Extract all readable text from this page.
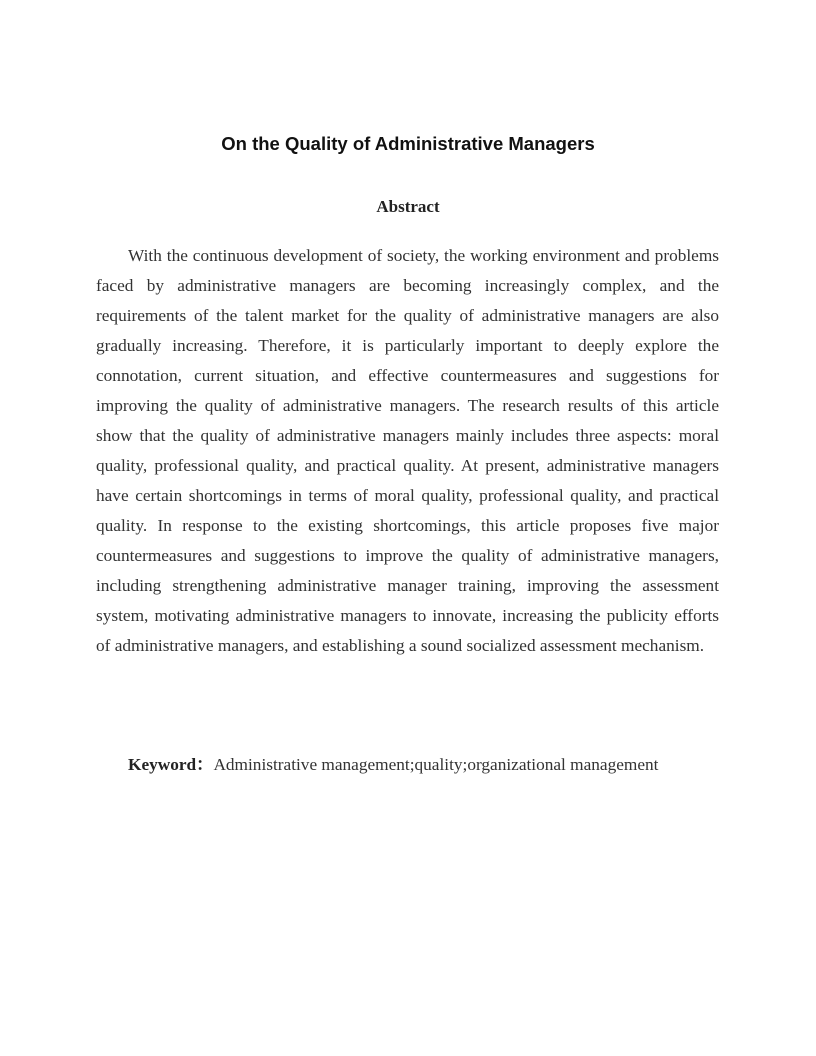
On the Quality of Administrative Managers
Abstract

With the continuous development of society, the working environment and problems faced by administrative managers are becoming increasingly complex, and the requirements of the talent market for the quality of administrative managers are also gradually increasing. Therefore, it is particularly important to deeply explore the connotation, current situation, and effective countermeasures and suggestions for improving the quality of administrative managers. The research results of this article show that the quality of administrative managers mainly includes three aspects: moral quality, professional quality, and practical quality. At present, administrative managers have certain shortcomings in terms of moral quality, professional quality, and practical quality. In response to the existing shortcomings, this article proposes five major countermeasures and suggestions to improve the quality of administrative managers, including strengthening administrative manager training, improving the assessment system, motivating administrative managers to innovate, increasing the publicity efforts of administrative managers, and establishing a sound socialized assessment mechanism.

Keyword：Administrative management;quality;organizational management
